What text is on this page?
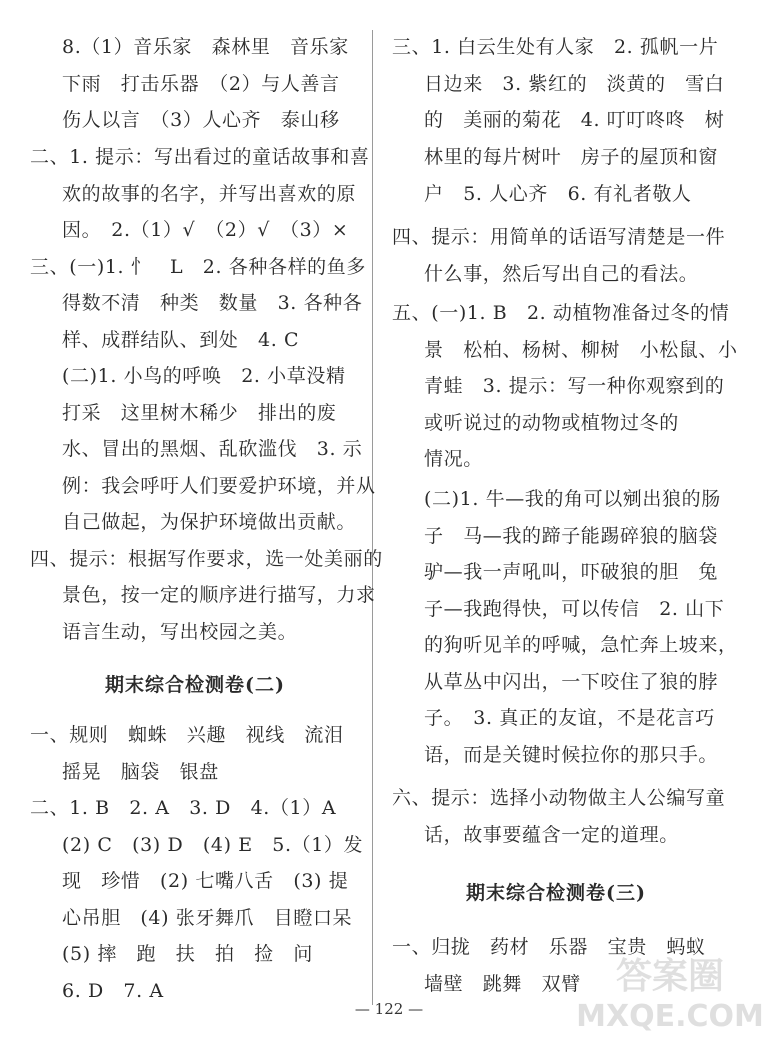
8.（1）音乐家　森林里　音乐家
下雨　打击乐器　（2）与人善言
伤人以言　（3）人心齐　泰山移
二、1. 提示：写出看过的童话故事和喜
欢的故事的名字，并写出喜欢的原
因。　2.（1）√　（2）√　（3）×
三、(一)1. 忄　L　2. 各种各样的鱼多
得数不清　种类　数量　3. 各种各
样、成群结队、到处　4. C
(二)1. 小鸟的呼唤　2. 小草没精
打采　这里树木稀少　排出的废
水、冒出的黑烟、乱砍滥伐　3. 示
例：我会呼吁人们要爱护环境，并从
自己做起，为保护环境做出贡献。
四、提示：根据写作要求，选一处美丽的
景色，按一定的顺序进行描写，力求
语言生动，写出校园之美。
期末综合检测卷(二)
一、规则　蜘蛛　兴趣　视线　流泪
摇晃　脑袋　银盘
二、1. B　2. A　3. D　4.（1）A
(2) C　(3) D　(4) E　5.（1）发
现　珍惜　(2) 七嘴八舌　(3) 提
心吊胆　(4) 张牙舞爪　目瞪口呆
(5) 摔　跑　扶　拍　捡　问
6. D　7. A
三、1. 白云生处有人家　2. 孤帆一片
日边来　3. 紫红的　淡黄的　雪白
的　美丽的菊花　4. 叮叮咚咚　树
林里的每片树叶　房子的屋顶和窗
户　5. 人心齐　6. 有礼者敬人
四、提示：用简单的话语写清楚是一件
什么事，然后写出自己的看法。
五、(一)1. B　2. 动植物准备过冬的情
景　松柏、杨树、柳树　小松鼠、小
青蛙　3. 提示：写一种你观察到的
或听说过的动物或植物过冬的
情况。
(二)1. 牛—我的角可以剜出狼的肠
子　马—我的蹄子能踢碎狼的脑袋
驴—我一声吼叫，吓破狼的胆　兔
子—我跑得快，可以传信　2. 山下
的狗听见羊的呼喊，急忙奔上坡来，
从草丛中闪出，一下咬住了狼的脖
子。　3. 真正的友谊，不是花言巧
语，而是关键时候拉你的那只手。
六、提示：选择小动物做主人公编写童
话，故事要蕴含一定的道理。
期末综合检测卷(三)
一、归拢　药材　乐器　宝贵　蚂蚁
墙壁　跳舞　双臂
— 122 —
答案圈
MXQE.COM
